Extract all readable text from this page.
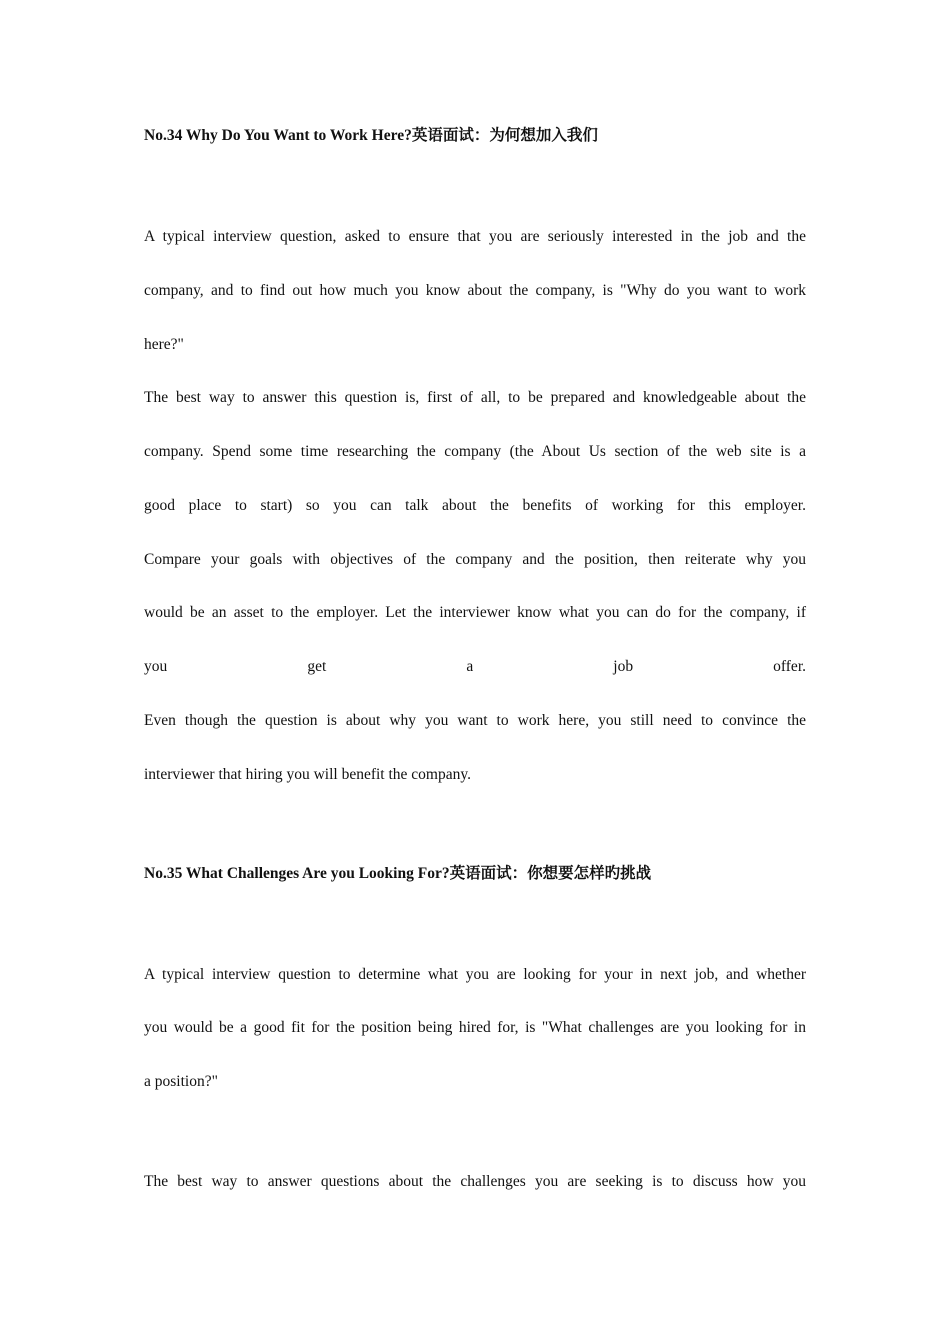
No.34 Why Do You Want to Work Here?英语面试：为何想加入我们
A typical interview question, asked to ensure that you are seriously interested in the job and the
company, and to find out how much you know about the company, is "Why do you want to work
here?"
The best way to answer this question is, first of all, to be prepared and knowledgeable about the
company. Spend some time researching the company (the About Us section of the web site is a
good place to start) so you can talk about the benefits of working for this employer.
Compare your goals with objectives of the company and the position, then reiterate why you
would be an asset to the employer. Let the interviewer know what you can do for the company, if
you	get	a	job	offer.
Even though the question is about why you want to work here, you still need to convince the
interviewer that hiring you will benefit the company.
No.35 What Challenges Are you Looking For?英语面试：你想要怎样旳挑战
A typical interview question to determine what you are looking for your in next job, and whether
you would be a good fit for the position being hired for, is "What challenges are you looking for in
a position?"
The best way to answer questions about the challenges you are seeking is to discuss how you
